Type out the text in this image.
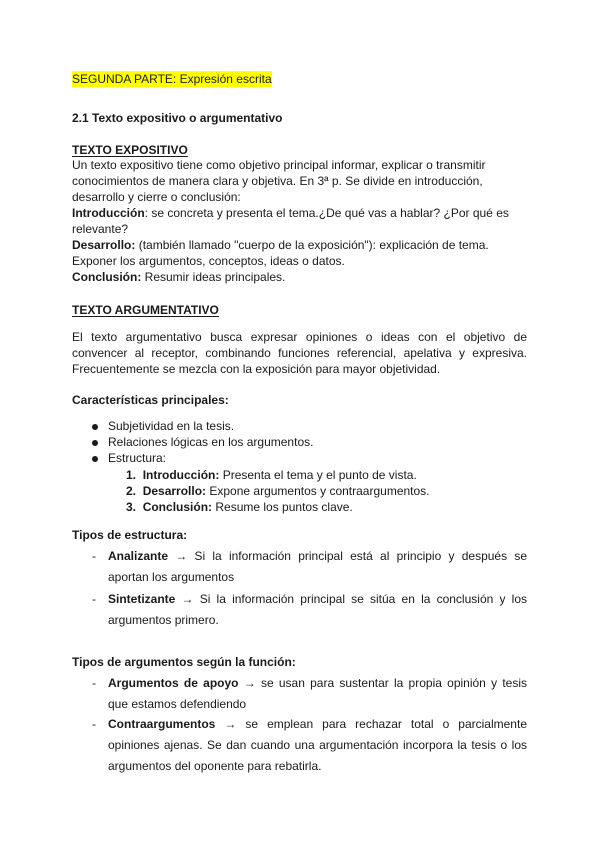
SEGUNDA PARTE: Expresión escrita
2.1 Texto expositivo o argumentativo
TEXTO EXPOSITIVO
Un texto expositivo tiene como objetivo principal informar, explicar o transmitir
conocimientos de manera clara y objetiva. En 3ª p. Se divide en introducción,
desarrollo y cierre o conclusión:
Introducción: se concreta y presenta el tema.¿De qué vas a hablar? ¿Por qué es
relevante?
Desarrollo: (también llamado "cuerpo de la exposición"): explicación de tema.
Exponer los argumentos, conceptos, ideas o datos.
Conclusión: Resumir ideas principales.
TEXTO ARGUMENTATIVO
El texto argumentativo busca expresar opiniones o ideas con el objetivo de
convencer al receptor, combinando funciones referencial, apelativa y expresiva.
Frecuentemente se mezcla con la exposición para mayor objetividad.
Características principales:
Subjetividad en la tesis.
Relaciones lógicas en los argumentos.
Estructura:
1. Introducción: Presenta el tema y el punto de vista.
2. Desarrollo: Expone argumentos y contraargumentos.
3. Conclusión: Resume los puntos clave.
Tipos de estructura:
- Analizante → Si la información principal está al principio y después se
aportan los argumentos
- Sintetizante → Si la información principal se sitúa en la conclusión y los
argumentos primero.
Tipos de argumentos según la función:
- Argumentos de apoyo → se usan para sustentar la propia opinión y tesis
que estamos defendiendo
- Contraargumentos → se emplean para rechazar total o parcialmente
opiniones ajenas. Se dan cuando una argumentación incorpora la tesis o los
argumentos del oponente para rebatirla.
